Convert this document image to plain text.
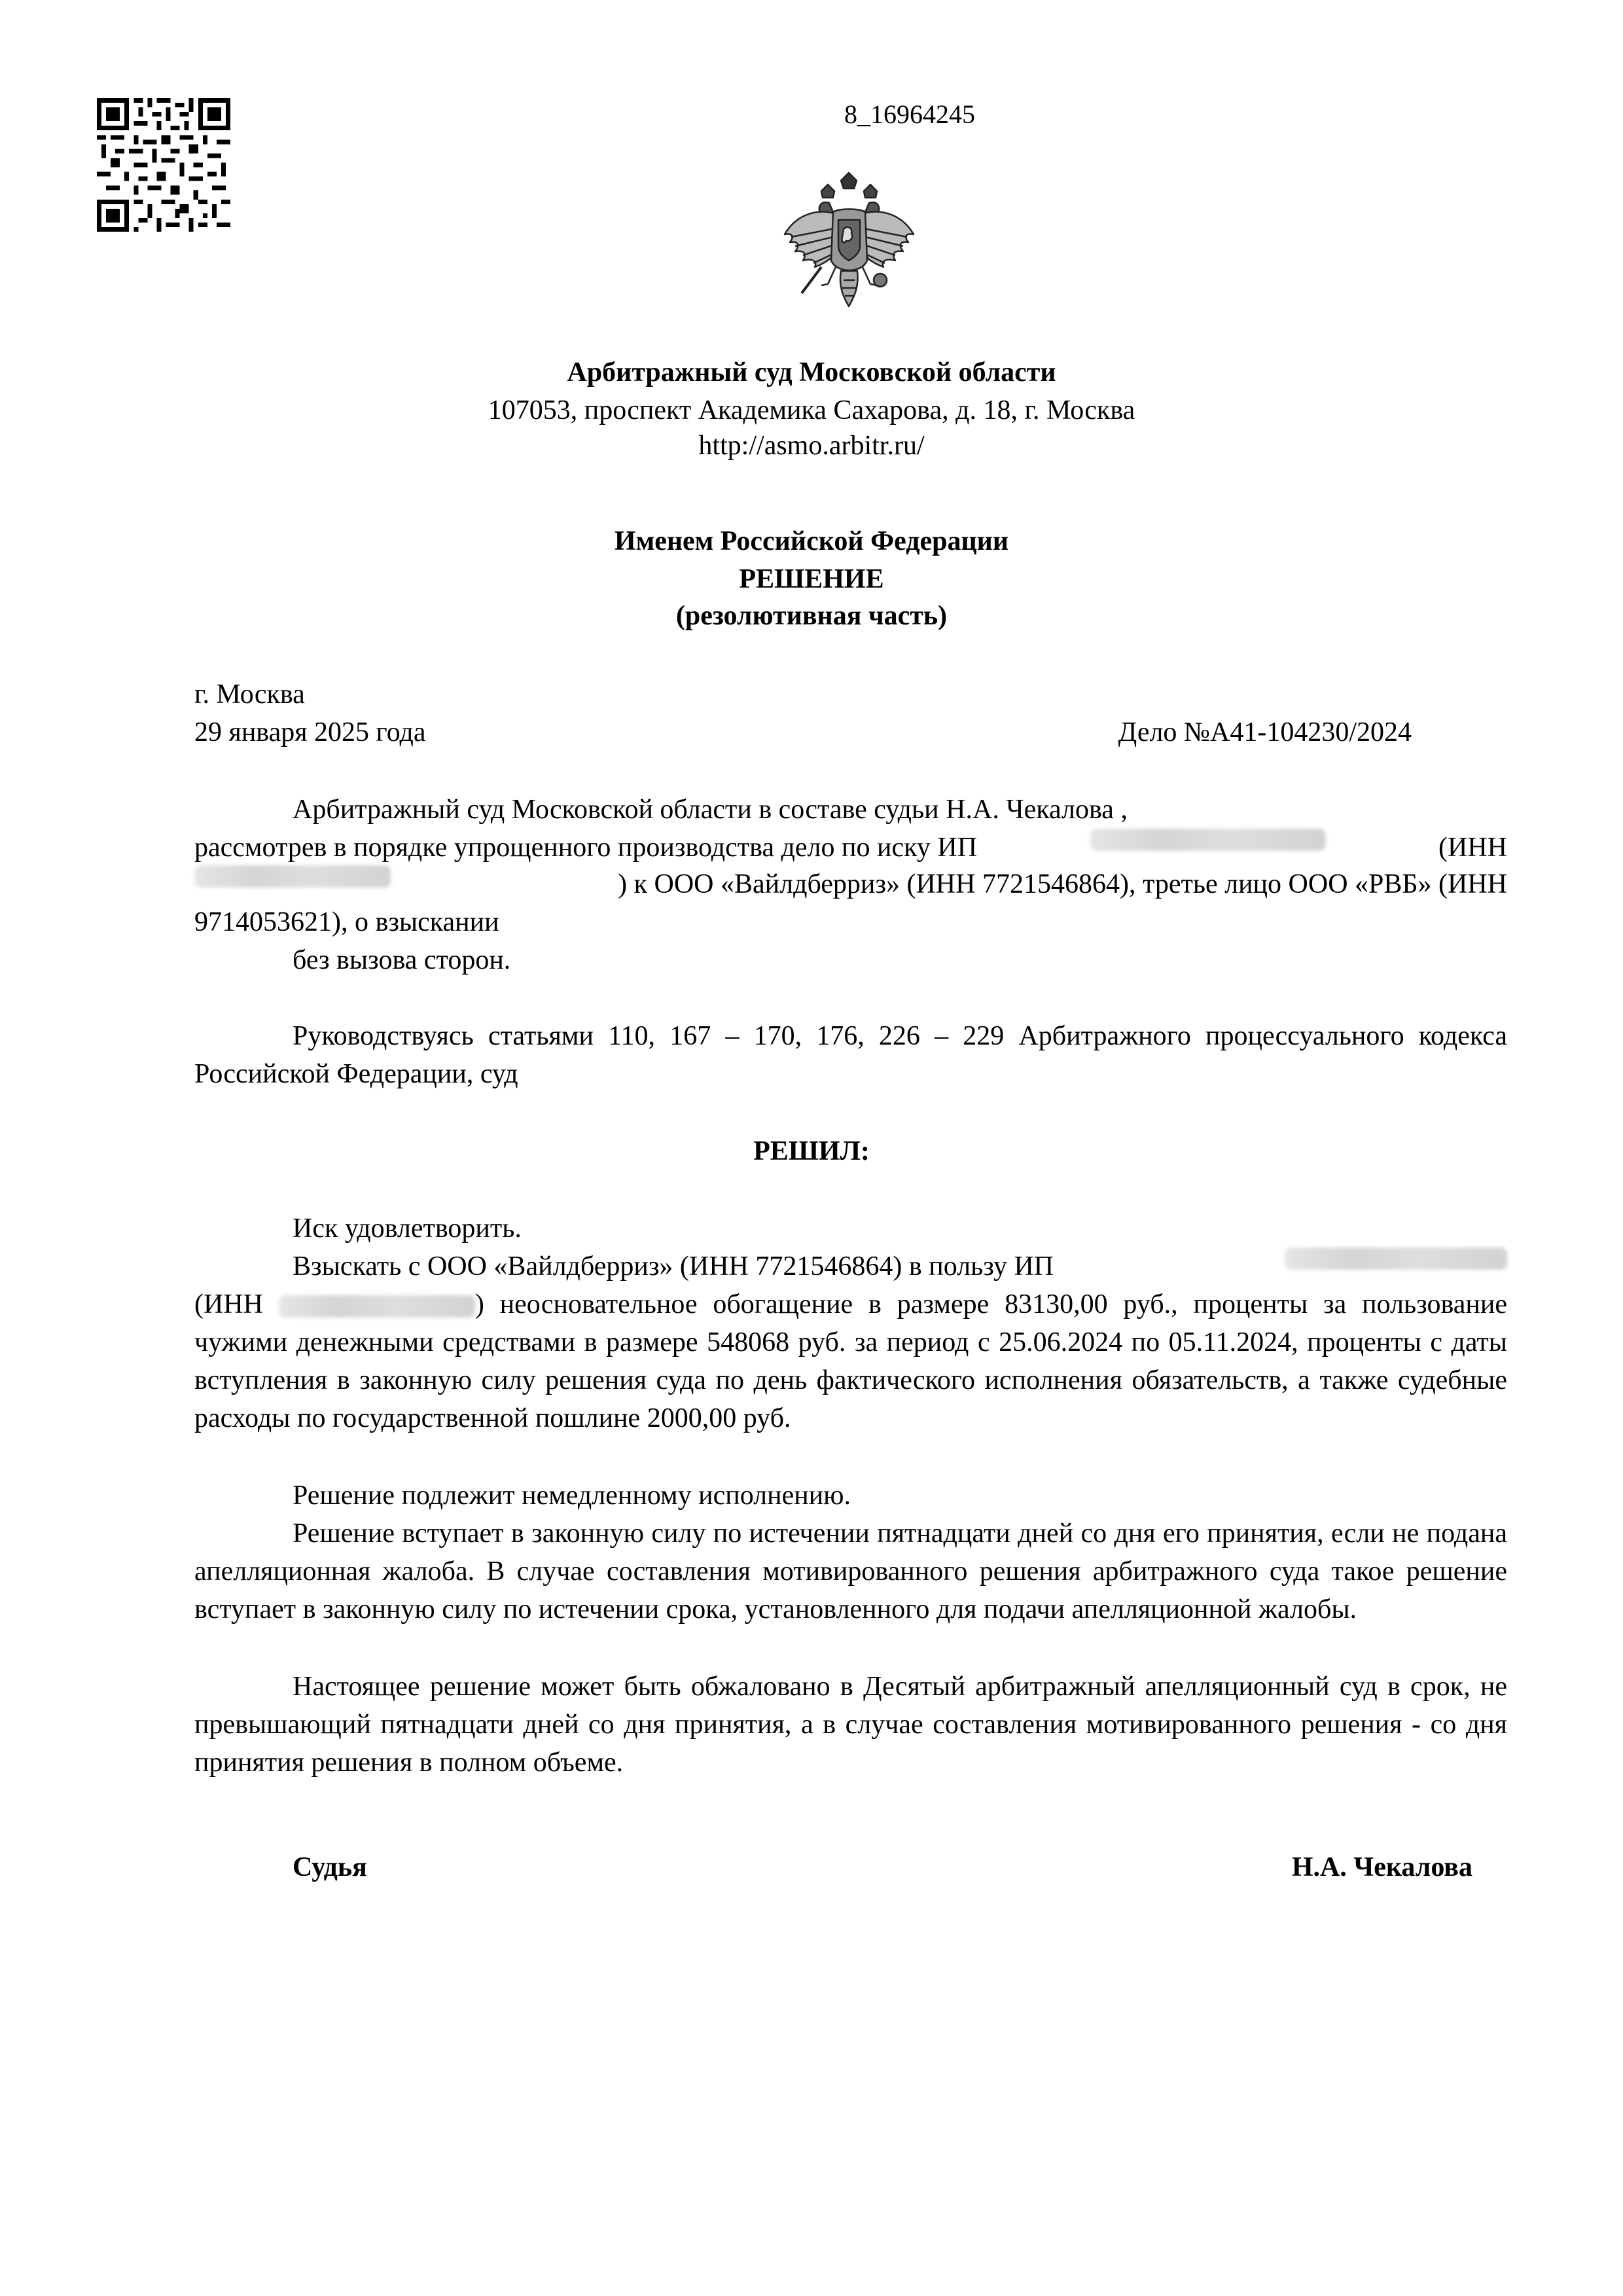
8_16964245
Арбитражный суд Московской области
107053, проспект Академика Сахарова, д. 18, г. Москва
http://asmo.arbitr.ru/
Именем Российской Федерации
РЕШЕНИЕ
(резолютивная часть)
г. Москва
29 января 2025 года	Дело №А41-104230/2024
Арбитражный суд Московской области в составе судьи Н.А. Чекалова ,
рассмотрев в порядке упрощенного производства дело по иску ИП	(ИНН
) к ООО «Вайлдберриз» (ИНН 7721546864), третье лицо ООО «РВБ» (ИНН
9714053621), о взыскании
без вызова сторон.
Руководствуясь статьями 110, 167 – 170, 176, 226 – 229 Арбитражного процессуального кодекса Российской Федерации, суд
РЕШИЛ:
Иск удовлетворить.
Взыскать с ООО «Вайлдберриз» (ИНН 7721546864) в пользу ИП
(ИНН	) неосновательное обогащение в размере 83130,00 руб., проценты за пользование чужими денежными средствами в размере 548068 руб. за период с 25.06.2024 по 05.11.2024, проценты с даты вступления в законную силу решения суда по день фактического исполнения обязательств, а также судебные расходы по государственной пошлине 2000,00 руб.
Решение подлежит немедленному исполнению.
Решение вступает в законную силу по истечении пятнадцати дней со дня его принятия, если не подана апелляционная жалоба. В случае составления мотивированного решения арбитражного суда такое решение вступает в законную силу по истечении срока, установленного для подачи апелляционной жалобы.
Настоящее решение может быть обжаловано в Десятый арбитражный апелляционный суд в срок, не превышающий пятнадцати дней со дня принятия, а в случае составления мотивированного решения - со дня принятия решения в полном объеме.
Судья	Н.А. Чекалова
